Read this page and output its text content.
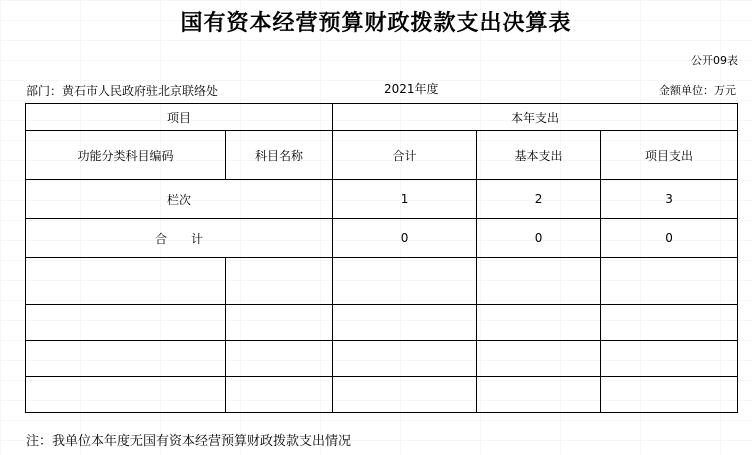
国有资本经营预算财政拨款支出决算表
公开09表
部门：黄石市人民政府驻北京联络处	2021年度	金额单位：万元
项目		本年支出		
功能分类科目编码	科目名称	合计	基本支出	项目支出
栏次		1	2	3
合　　计		0	0	0

注：我单位本年度无国有资本经营预算财政拨款支出情况
